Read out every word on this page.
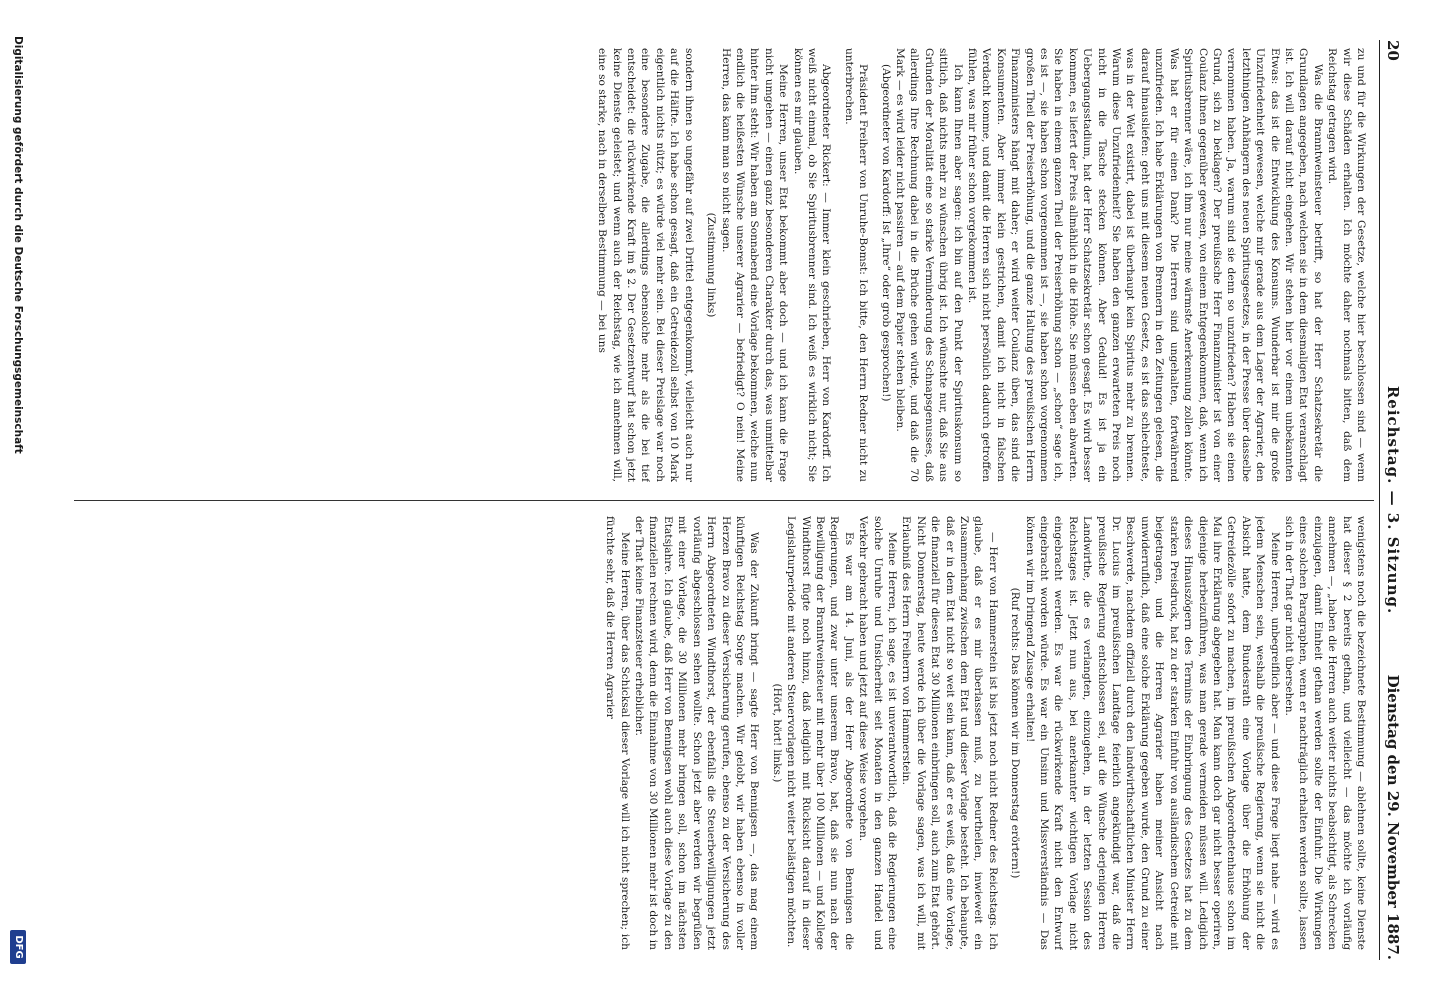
20
Reichstag. — 3. Sitzung.
Dienstag den 29. November 1887.

zu und für die Wirkungen der Gesetze, welche hier beschlossen sind — wenn wir diese Schäden erhalten. Ich möchte daher nochmals bitten, daß dem Reichstag getragen wird.

Was die Branntweinsteuer betrifft, so hat der Herr Schatzsekretär die Grundlagen angegeben, nach welchen sie in dem diesmaligen Etat veranschlagt ist. Ich will darauf nicht eingehen. Wir stehen hier vor einem unbekannten Etwas: das ist die Entwicklung des Konsums. Wunderbar ist mir die große Unzufriedenheit gewesen, welche mir gerade aus dem Lager der Agrarier, den letzthinigen Anhängern des neuen Spiritusgesetzes, in der Presse über dasselbe vernommen haben. Ja, warum sind sie denn so unzufrieden? Haben sie einen Grund, sich zu beklagen? Der preußische Herr Finanzminister ist von einer Coulanz ihnen gegenüber gewesen, von einem Entgegenkommen, daß, wenn ich Spiritusbrenner wäre, ich ihm nur meine wärmste Anerkennung zollen könnte. Was hat er für einen Dank? Die Herren sind ungehalten, fortwährend unzufrieden. Ich habe Erklärungen von Brennern in den Zeitungen gelesen, die darauf hinausliefen: geht uns mit diesem neuen Gesetz, es ist das schlechteste, was in der Welt existirt, dabei ist überhaupt kein Spiritus mehr zu brennen. Warum diese Unzufriedenheit? Sie haben den ganzen erwarteten Preis noch nicht in die Tasche stecken können. Aber Geduld! Es ist ja ein Uebergangsstadium, hat der Herr Schatzsekretär schon gesagt. Es wird besser kommen, es liefert der Preis allmählich in die Höhe. Sie müssen eben abwarten. Sie haben in einem ganzen Theil der Preiserhöhung schon — „schon“ sage ich, es ist —, sie haben schon vorgenommen ist —, sie haben schon vorgenommen großen Theil der Preiserhöhung, und die ganze Haltung des preußischen Herrn Finanzministers hängt mit daher; er wird weiter Coulanz üben, das sind die Konsumenten. Aber immer klein gestrichen, damit ich nicht in falschen Verdacht komme, und damit die Herren sich nicht persönlich dadurch getroffen fühlen, was mir früher schon vorgekommen ist.

Ich kann Ihnen aber sagen: ich bin auf den Punkt der Spirituskonsum so sittlich, daß nichts mehr zu wünschen übrig ist. Ich wünschte nur, daß Sie aus Gründen der Moralität eine so starke Verminderung des Schnapsgenusses, daß allerdings Ihre Rechnung dabei in die Brüche gehen würde, und daß die 70 Mark — es wird leider nicht passiren — auf dem Papier stehen bleiben.

(Abgeordneter von Kardorff: Ist „Ihre“ oder grob gesprochen!)

Präsident Freiherr von Unruhe-Bomst: Ich bitte, den Herrn Redner nicht zu unterbrechen.

Abgeordneter Rickert: — Immer klein geschrieben, Herr von Kardorff. Ich weiß nicht einmal, ob Sie Spiritusbrenner sind. Ich weiß es wirklich nicht; Sie können es mir glauben.

Meine Herren, unser Etat bekommt aber doch — und ich kann die Frage nicht umgehen — einen ganz besonderen Charakter durch das, was unmittelbar hinter ihm steht: Wir haben am Sonnabend eine Vorlage bekommen, welche nun endlich die heißesten Wünsche unserer Agrarier — befriedigt? O nein! Meine Herren, das kann man so nicht sagen.

(Zustimmung links)

sondern ihnen so ungefähr auf zwei Drittel entgegenkommt, vielleicht auch nur auf die Hälfte. Ich habe schon gesagt, daß ein Getreidezoll selbst von 10 Mark eigentlich nichts nützt; es würde viel mehr sein. Bei dieser Preislage war noch eine besondere Zugabe, die allerdings ebensolche mehr als die bei tief entscheidet: die rückwirkende Kraft im § 2. Der Gesetzentwurf hat schon jetzt keine Dienste geleistet; und wenn auch der Reichstag, wie ich annehmen will, eine so starke, nach in derselben Bestimmung — bei uns

wenigstens noch die bezeichnete Bestimmung — ablehnen sollte, keine Dienste hat dieser § 2 bereits gethan, und vielleicht — das möchte ich vorläufig annehmen —, „haben die Herren auch weiter nichts beabsichtigt, als Schrecken einzujagen, damit Einheit gethan werden sollte der Einfuhr. Die Wirkungen eines solchen Paragraphen, wenn er nachträglich erhalten werden sollte, lassen sich in der That gar nicht übersehen.

Meine Herren, unbegreiflich aber — und diese Frage liegt nahe — wird es jedem Menschen sein, weshalb die preußische Regierung, wenn sie nicht die Absicht hatte, dem Bundesrath eine Vorlage über die Erhöhung der Getreidezölle sofort zu machen, im preußischen Abgeordnetenhause schon im Mai ihre Erklärung abgegeben hat. Man kann doch gar nicht besser operiren, diejenige herbeizuführen, was man gerade vermeiden müssen will. Lediglich dieses Hinauszögern des Termins der Einbringung des Gesetzes hat zu dem starken Preisdruck, hat zu der starken Einfuhr von ausländischem Getreide mit beigetragen, und die Herren Agrarier haben meiner Ansicht nach unwiderruflich, daß eine solche Erklärung gegeben wurde, den Grund zu einer Beschwerde, nachdem offiziell durch den landwirthschaftlichen Minister Herrn Dr. Lucius im preußischen Landtage feierlich angekündigt war, daß die preußische Regierung entschlossen sei, auf die Wünsche derjenigen Herren Landwirthe, die es verlangten, einzugehen, in der letzten Session des Reichstages ist. Jetzt nun aus, bei anerkannter wichtigen Vorlage nicht eingebracht werden. Es war die rückwirkende Kraft nicht den Entwurf eingebracht worden würde. Es war ein Unsinn und Missverständnis — Das können wir im Dringend Zusage erhalten!

(Ruf rechts: Das können wir im Donnerstag erörtern!)

— Herr von Hammerstein ist bis jetzt noch nicht Redner des Reichstags. Ich glaube, daß er es mir überlassen muß, zu beurtheilen, inwieweit ein Zusammenhang zwischen dem Etat und dieser Vorlage besteht. Ich behaupte, daß er in dem Etat nicht so weit sein kann, daß er es weiß, daß eine Vorlage, die finanziell für diesen Etat 30 Millionen einbringen soll, auch zum Etat gehört. Nicht Donnerstag, heute werde ich über die Vorlage sagen, was ich will, mit Erlaubniß des Herrn Freiherrn von Hammerstein.

Meine Herren, ich sage, es ist unverantwortlich, daß die Regierungen eine solche Unruhe und Unsicherheit seit Monaten in den ganzen Handel und Verkehr gebracht haben und jetzt auf diese Weise vorgehen.

Es war am 14. Juni, als der Herr Abgeordnete von Bennigsen die Regierungen, und zwar unter unserem Bravo, bat, daß sie nun nach der Bewilligung der Branntweinsteuer mit mehr über 100 Millionen — und Kollege Windthorst fügte noch hinzu, daß lediglich mit Rücksicht darauf in dieser Legislaturperiode mit anderen Steuervorlagen nicht weiter belästigen möchten.

(Hört, hört! links.)

Was der Zukunft bringt — sagte Herr von Bennigsen —, das mag einem künftigen Reichstag Sorge machen. Wir gelobt, wir haben ebenso in voller Herzen Bravo zu dieser Versicherung gerufen, ebenso zu der Versicherung des Herrn Abgeordneten Windthorst, der ebenfalls die Steuerbewilligungen jetzt vorläufig abgeschlossen sehen wollte. Schon jetzt aber werden wir begrüßen mit einer Vorlage, die 30 Millionen mehr bringen soll, schon im nächsten Etatsjahre. Ich glaube, daß Herr von Bennigsen wohl auch diese Vorlage zu den finanziellen rechnen wird, denn die Einnahme von 30 Millionen mehr ist doch in der That keine Finanzsteuer erheblicher.

Meine Herren, über das Schicksal dieser Vorlage will ich nicht sprechen; ich fürchte sehr, daß die Herren Agrarier

Digitalisierung gefördert durch die Deutsche Forschungsgemeinschaft
DFG
